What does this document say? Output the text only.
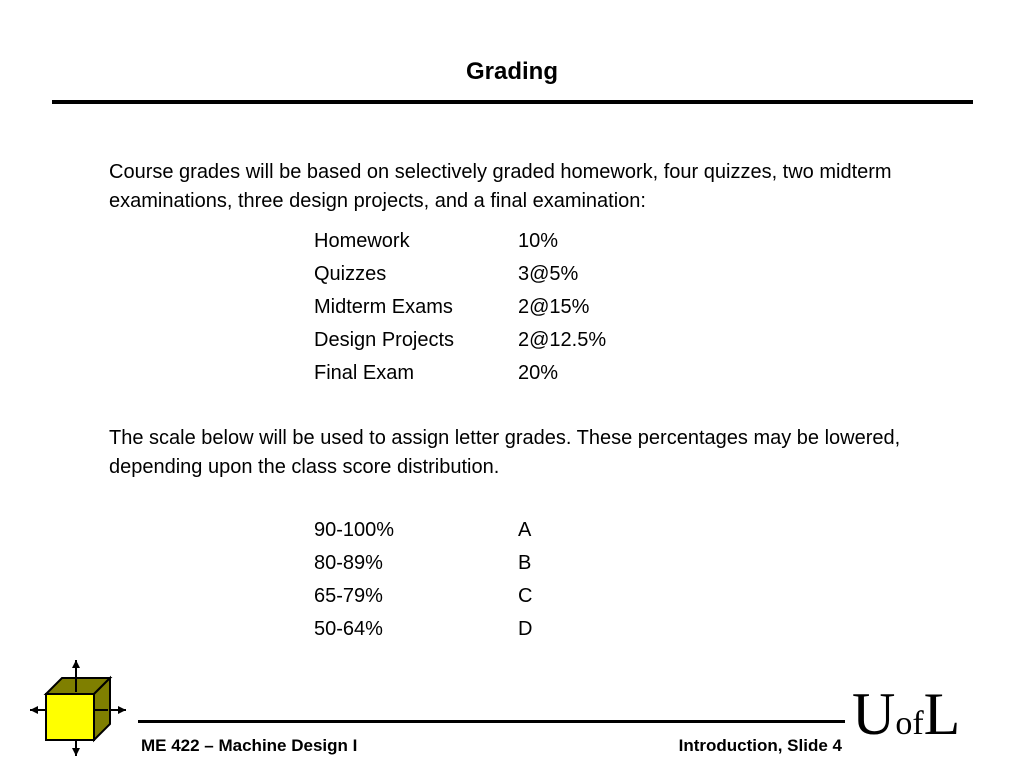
Grading
Course grades will be based on selectively graded homework, four quizzes, two midterm examinations, three design projects, and a final examination:
Homework	10%
Quizzes	3@5%
Midterm Exams	2@15%
Design Projects	2@12.5%
Final Exam	20%
The scale below will be used to assign letter grades. These percentages may be lowered, depending upon the class score distribution.
90-100%	A
80-89%	B
65-79%	C
50-64%	D
ME 422 – Machine Design I	Introduction, Slide 4 UofL
